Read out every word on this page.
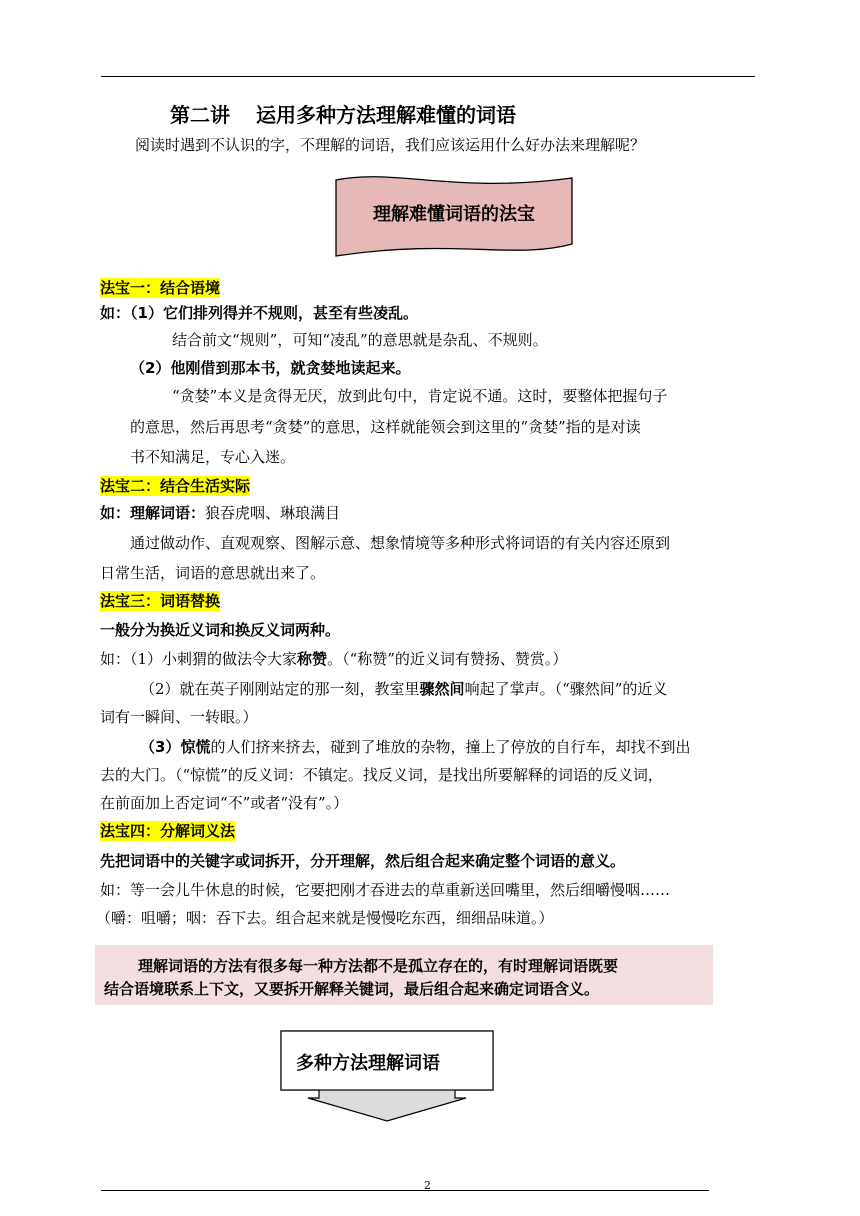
第二讲 运用多种方法理解难懂的词语
阅读时遇到不认识的字，不理解的词语，我们应该运用什么好办法来理解呢？
理解难懂词语的法宝
法宝一：结合语境
如：（1）它们排列得并不规则，甚至有些凌乱。
结合前文“规则”，可知“凌乱”的意思就是杂乱、不规则。
（2）他刚借到那本书，就贪婪地读起来。
“贪婪”本义是贪得无厌，放到此句中，肯定说不通。这时，要整体把握句子
的意思，然后再思考“贪婪”的意思，这样就能领会到这里的“贪婪”指的是对读
书不知满足，专心入迷。
法宝二：结合生活实际
如：理解词语：狼吞虎咽、琳琅满目
通过做动作、直观观察、图解示意、想象情境等多种形式将词语的有关内容还原到
日常生活，词语的意思就出来了。
法宝三：词语替换
一般分为换近义词和换反义词两种。
如：（1）小刺猬的做法令大家称赞。（“称赞”的近义词有赞扬、赞赏。）
（2）就在英子刚刚站定的那一刻，教室里骤然间响起了掌声。（“骤然间”的近义
词有一瞬间、一转眼。）
（3）惊慌的人们挤来挤去，碰到了堆放的杂物，撞上了停放的自行车，却找不到出
去的大门。（“惊慌”的反义词：不镇定。找反义词，是找出所要解释的词语的反义词，
在前面加上否定词“不”或者“没有”。）
法宝四：分解词义法
先把词语中的关键字或词拆开，分开理解，然后组合起来确定整个词语的意义。
如：等一会儿牛休息的时候，它要把刚才吞进去的草重新送回嘴里，然后细嚼慢咽……
（嚼：咀嚼；咽：吞下去。组合起来就是慢慢吃东西，细细品味道。）
理解词语的方法有很多每一种方法都不是孤立存在的，有时理解词语既要
结合语境联系上下文，又要拆开解释关键词，最后组合起来确定词语含义。
多种方法理解词语
2
